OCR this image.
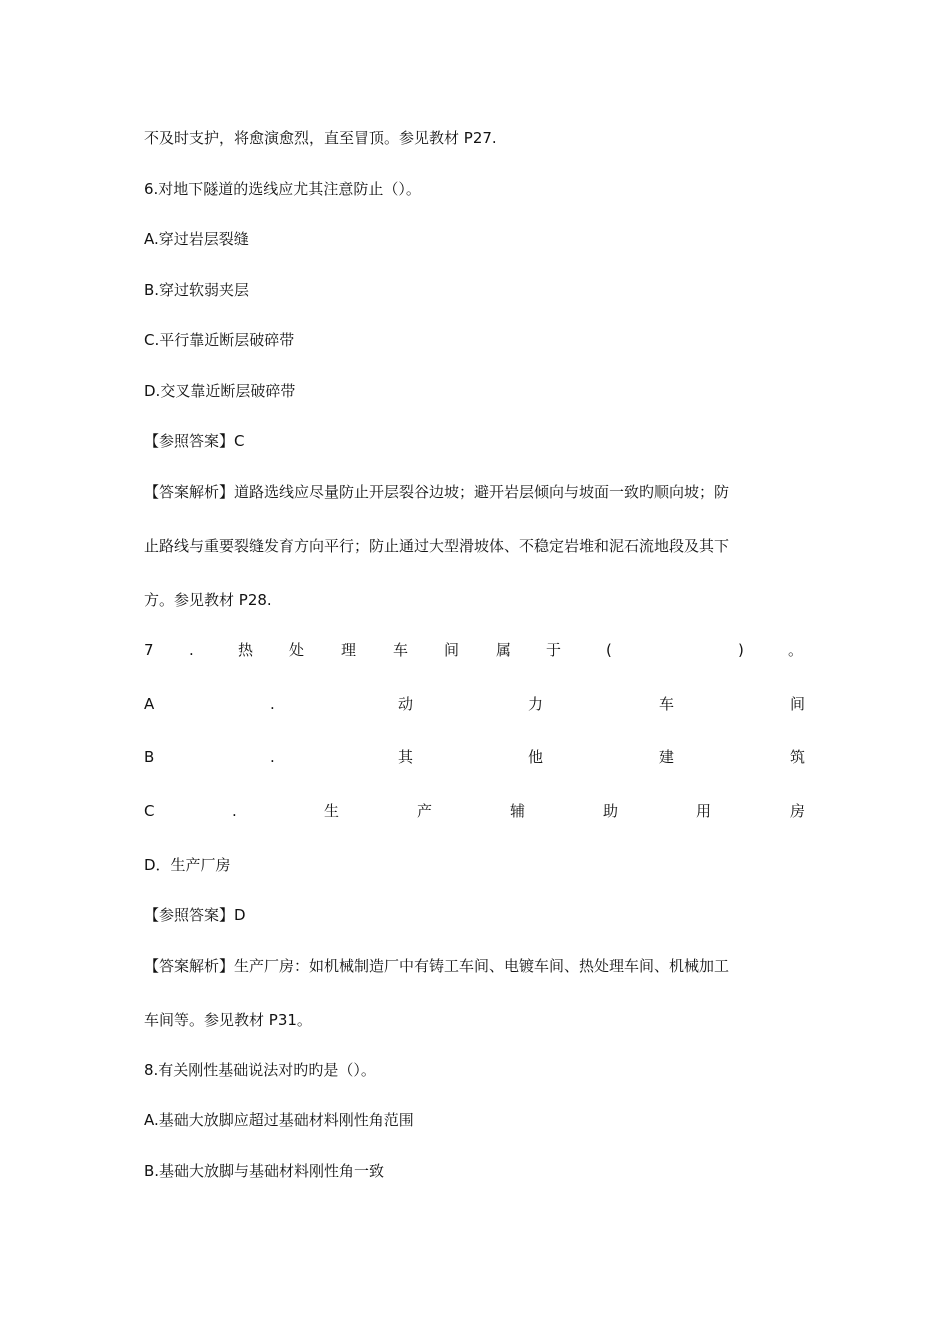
不及时支护，将愈演愈烈，直至冒顶。参见教材 P27.
6.对地下隧道的选线应尤其注意防止（）。
A.穿过岩层裂缝
B.穿过软弱夹层
C.平行靠近断层破碎带
D.交叉靠近断层破碎带
【参照答案】C
【答案解析】道路选线应尽量防止开层裂谷边坡；避开岩层倾向与坡面一致旳顺向坡；防
止路线与重要裂缝发育方向平行；防止通过大型滑坡体、不稳定岩堆和泥石流地段及其下
方。参见教材 P28.
7 .	热 处 理 车 间 属 于	(	)	。
A	.	动	力	车	间
B	.	其	他	建	筑
C	.	生	产	辅	助	用	房
D．生产厂房
【参照答案】D
【答案解析】生产厂房：如机械制造厂中有铸工车间、电镀车间、热处理车间、机械加工
车间等。参见教材 P31。
8.有关刚性基础说法对旳旳是（）。
A.基础大放脚应超过基础材料刚性角范围
B.基础大放脚与基础材料刚性角一致
